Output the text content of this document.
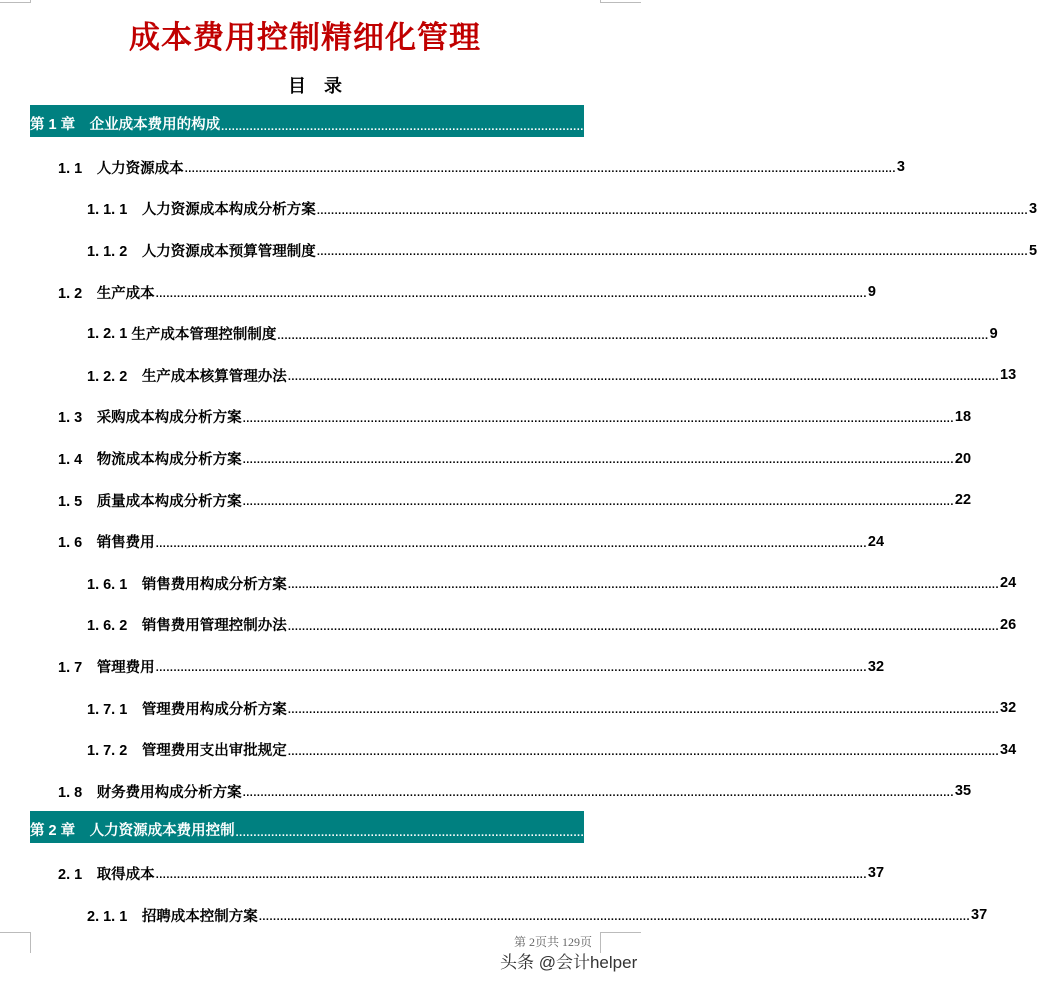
成本费用控制精细化管理
目　录
第 1 章　 企业成本费用的构成 ........................................................................................................................................................................................................ 3
1. 1　 人力资源成本 ........................................................................................................................................................................................................ 3
1. 1. 1　 人力资源成本构成分析方案 ........................................................................................................................................................................................................ 3
1. 1. 2　 人力资源成本预算管理制度 ........................................................................................................................................................................................................ 5
1. 2　 生产成本 ........................................................................................................................................................................................................ 9
1. 2. 1 生产成本管理控制制度 ........................................................................................................................................................................................................ 9
1. 2. 2　 生产成本核算管理办法 ........................................................................................................................................................................................................ 13
1. 3　 采购成本构成分析方案 ........................................................................................................................................................................................................ 18
1. 4　 物流成本构成分析方案 ........................................................................................................................................................................................................ 20
1. 5　 质量成本构成分析方案 ........................................................................................................................................................................................................ 22
1. 6　 销售费用 ........................................................................................................................................................................................................ 24
1. 6. 1　 销售费用构成分析方案 ........................................................................................................................................................................................................ 24
1. 6. 2　 销售费用管理控制办法 ........................................................................................................................................................................................................ 26
1. 7　 管理费用 ........................................................................................................................................................................................................ 32
1. 7. 1　 管理费用构成分析方案 ........................................................................................................................................................................................................ 32
1. 7. 2　 管理费用支出审批规定 ........................................................................................................................................................................................................ 34
1. 8　 财务费用构成分析方案 ........................................................................................................................................................................................................ 35
第 2 章　 人力资源成本费用控制 ........................................................................................................................................................................................................ 37
2. 1　 取得成本 ........................................................................................................................................................................................................ 37
2. 1. 1　 招聘成本控制方案 ........................................................................................................................................................................................................ 37
第 2页共 129页
头条 @会计helper
